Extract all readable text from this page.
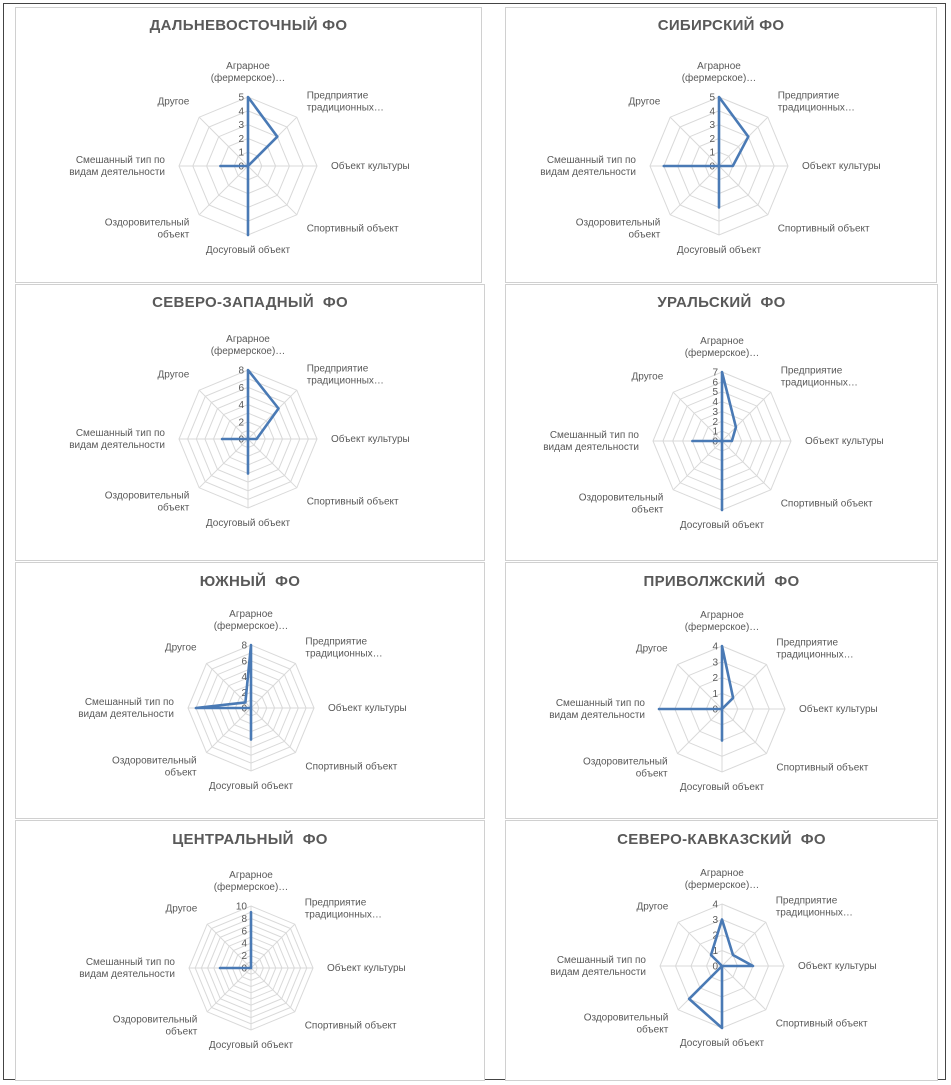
ДАЛЬНЕВОСТОЧНЫЙ ФО
0
1
2
3
4
5
Аграрное
(фермерское)…
Предприятие
традиционных…
Объект культуры
Спортивный объект
Досуговый объект
Оздоровительный
объект
Смешанный тип по
видам деятельности
Другое
СИБИРСКИЙ ФО
0
1
2
3
4
5
Аграрное
(фермерское)…
Предприятие
традиционных…
Объект культуры
Спортивный объект
Досуговый объект
Оздоровительный
объект
Смешанный тип по
видам деятельности
Другое
СЕВЕРО-ЗАПАДНЫЙ  ФО
0
2
4
6
8
Аграрное
(фермерское)…
Предприятие
традиционных…
Объект культуры
Спортивный объект
Досуговый объект
Оздоровительный
объект
Смешанный тип по
видам деятельности
Другое
УРАЛЬСКИЙ  ФО
0
1
2
3
4
5
6
7
Аграрное
(фермерское)…
Предприятие
традиционных…
Объект культуры
Спортивный объект
Досуговый объект
Оздоровительный
объект
Смешанный тип по
видам деятельности
Другое
ЮЖНЫЙ  ФО
0
2
4
6
8
Аграрное
(фермерское)…
Предприятие
традиционных…
Объект культуры
Спортивный объект
Досуговый объект
Оздоровительный
объект
Смешанный тип по
видам деятельности
Другое
ПРИВОЛЖСКИЙ  ФО
0
1
2
3
4
Аграрное
(фермерское)…
Предприятие
традиционных…
Объект культуры
Спортивный объект
Досуговый объект
Оздоровительный
объект
Смешанный тип по
видам деятельности
Другое
ЦЕНТРАЛЬНЫЙ  ФО
0
2
4
6
8
10
Аграрное
(фермерское)…
Предприятие
традиционных…
Объект культуры
Спортивный объект
Досуговый объект
Оздоровительный
объект
Смешанный тип по
видам деятельности
Другое
СЕВЕРО-КАВКАЗСКИЙ  ФО
0
1
2
3
4
Аграрное
(фермерское)…
Предприятие
традиционных…
Объект культуры
Спортивный объект
Досуговый объект
Оздоровительный
объект
Смешанный тип по
видам деятельности
Другое
